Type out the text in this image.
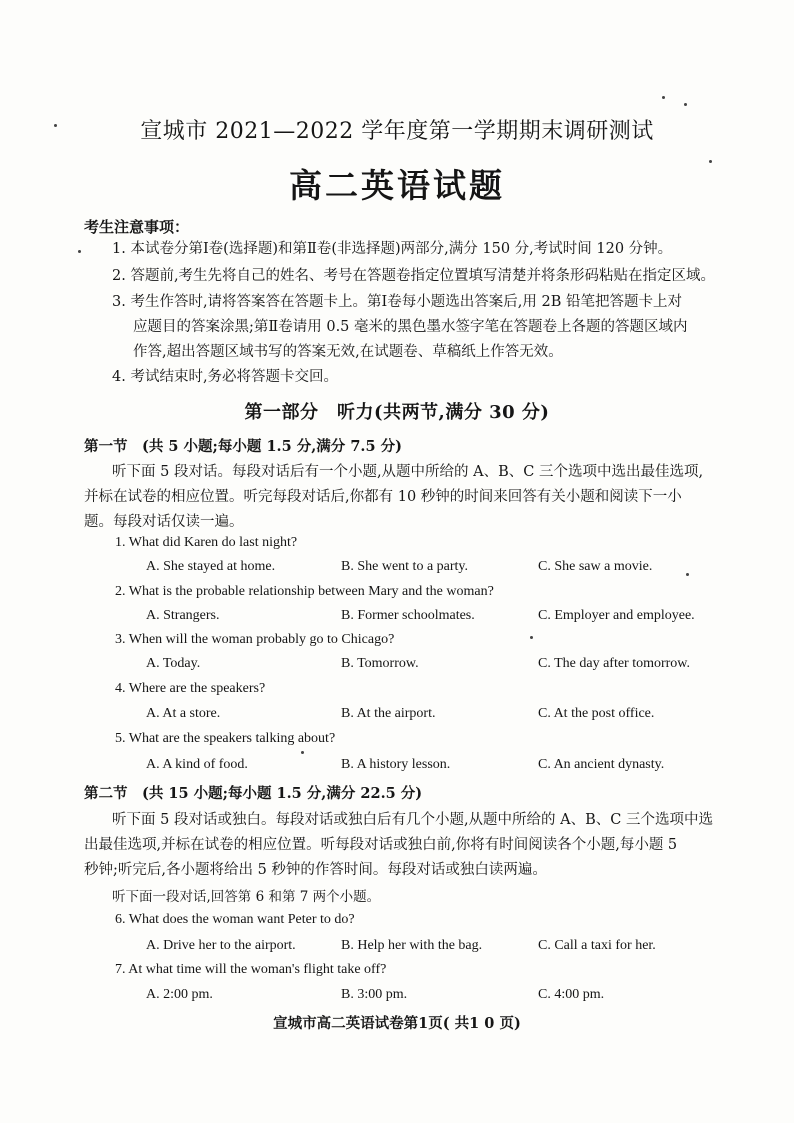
宣城市 2021—2022 学年度第一学期期末调研测试
高二英语试题
考生注意事项：
1. 本试卷分第Ⅰ卷(选择题)和第Ⅱ卷(非选择题)两部分,满分 150 分,考试时间 120 分钟。
2. 答题前,考生先将自己的姓名、考号在答题卷指定位置填写清楚并将条形码粘贴在指定区域。
3. 考生作答时,请将答案答在答题卡上。第Ⅰ卷每小题选出答案后,用 2B 铅笔把答题卡上对
应题目的答案涂黑;第Ⅱ卷请用 0.5 毫米的黑色墨水签字笔在答题卷上各题的答题区域内
作答,超出答题区域书写的答案无效,在试题卷、草稿纸上作答无效。
4. 考试结束时,务必将答题卡交回。
第一部分　听力(共两节,满分 30 分)
第一节　(共 5 小题;每小题 1.5 分,满分 7.5 分)
听下面 5 段对话。每段对话后有一个小题,从题中所给的 A、B、C 三个选项中选出最佳选项,
并标在试卷的相应位置。听完每段对话后,你都有 10 秒钟的时间来回答有关小题和阅读下一小
题。每段对话仅读一遍。
1. What did Karen do last night?
A. She stayed at home.	B. She went to a party.	C. She saw a movie.
2. What is the probable relationship between Mary and the woman?
A. Strangers.	B. Former schoolmates.	C. Employer and employee.
3. When will the woman probably go to Chicago?
A. Today.	B. Tomorrow.	C. The day after tomorrow.
4. Where are the speakers?
A. At a store.	B. At the airport.	C. At the post office.
5. What are the speakers talking about?
A. A kind of food.	B. A history lesson.	C. An ancient dynasty.
第二节　(共 15 小题;每小题 1.5 分,满分 22.5 分)
听下面 5 段对话或独白。每段对话或独白后有几个小题,从题中所给的 A、B、C 三个选项中选
出最佳选项,并标在试卷的相应位置。听每段对话或独白前,你将有时间阅读各个小题,每小题 5
秒钟;听完后,各小题将给出 5 秒钟的作答时间。每段对话或独白读两遍。
听下面一段对话,回答第 6 和第 7 两个小题。
6. What does the woman want Peter to do?
A. Drive her to the airport.	B. Help her with the bag.	C. Call a taxi for her.
7. At what time will the woman's flight take off?
A. 2:00 pm.	B. 3:00 pm.	C. 4:00 pm.
宣城市高二英语试卷第1页( 共1 0 页)
